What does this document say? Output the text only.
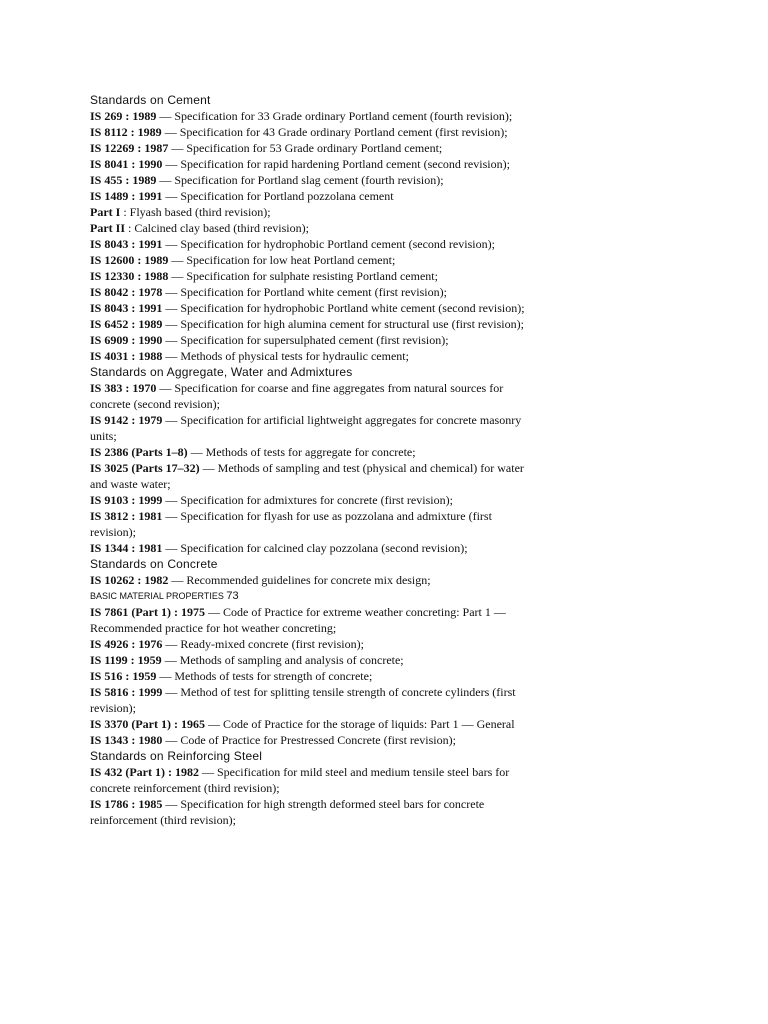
Standards on Cement

IS 269 : 1989 — Specification for 33 Grade ordinary Portland cement (fourth revision);

IS 8112 : 1989 — Specification for 43 Grade ordinary Portland cement (first revision);

IS 12269 : 1987 — Specification for 53 Grade ordinary Portland cement;

IS 8041 : 1990 — Specification for rapid hardening Portland cement (second revision);

IS 455 : 1989 — Specification for Portland slag cement (fourth revision);

IS 1489 : 1991 — Specification for Portland pozzolana cement

Part I : Flyash based (third revision);

Part II : Calcined clay based (third revision);

IS 8043 : 1991 — Specification for hydrophobic Portland cement (second revision);

IS 12600 : 1989 — Specification for low heat Portland cement;

IS 12330 : 1988 — Specification for sulphate resisting Portland cement;

IS 8042 : 1978 — Specification for Portland white cement (first revision);

IS 8043 : 1991 — Specification for hydrophobic Portland white cement (second revision);

IS 6452 : 1989 — Specification for high alumina cement for structural use (first revision);

IS 6909 : 1990 — Specification for supersulphated cement (first revision);

IS 4031 : 1988 — Methods of physical tests for hydraulic cement;

Standards on Aggregate, Water and Admixtures

IS 383 : 1970 — Specification for coarse and fine aggregates from natural sources for concrete (second revision);

IS 9142 : 1979 — Specification for artificial lightweight aggregates for concrete masonry units;

IS 2386 (Parts 1–8) — Methods of tests for aggregate for concrete;

IS 3025 (Parts 17–32) — Methods of sampling and test (physical and chemical) for water and waste water;

IS 9103 : 1999 — Specification for admixtures for concrete (first revision);

IS 3812 : 1981 — Specification for flyash for use as pozzolana and admixture (first revision);

IS 1344 : 1981 — Specification for calcined clay pozzolana (second revision);

Standards on Concrete

IS 10262 : 1982 — Recommended guidelines for concrete mix design;

BASIC MATERIAL PROPERTIES 73

IS 7861 (Part 1) : 1975 — Code of Practice for extreme weather concreting: Part 1 — Recommended practice for hot weather concreting;

IS 4926 : 1976 — Ready-mixed concrete (first revision);

IS 1199 : 1959 — Methods of sampling and analysis of concrete;

IS 516 : 1959 — Methods of tests for strength of concrete;

IS 5816 : 1999 — Method of test for splitting tensile strength of concrete cylinders (first revision);

IS 3370 (Part 1) : 1965 — Code of Practice for the storage of liquids: Part 1 — General

IS 1343 : 1980 — Code of Practice for Prestressed Concrete (first revision);

Standards on Reinforcing Steel

IS 432 (Part 1) : 1982 — Specification for mild steel and medium tensile steel bars for concrete reinforcement (third revision);

IS 1786 : 1985 — Specification for high strength deformed steel bars for concrete reinforcement (third revision);
